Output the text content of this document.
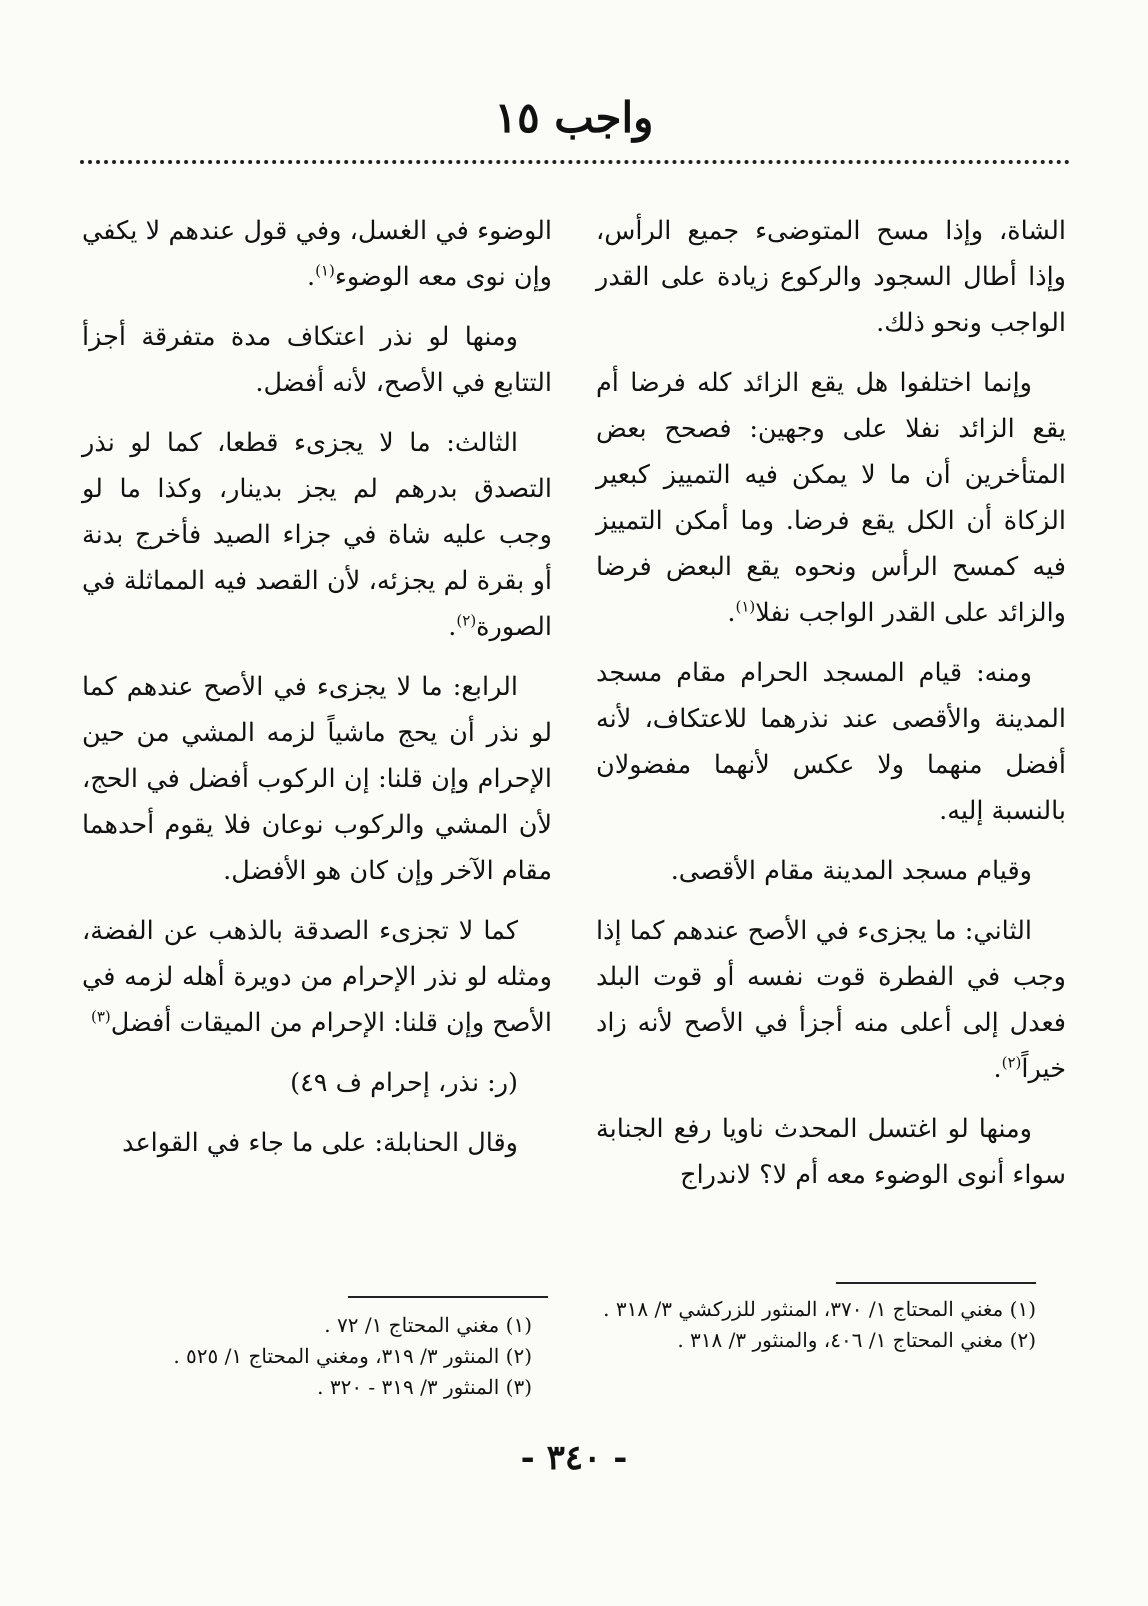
واجب ١٥

الشاة، وإذا مسح المتوضىء جميع الرأس، وإذا أطال السجود والركوع زيادة على القدر الواجب ونحو ذلك.

وإنما اختلفوا هل يقع الزائد كله فرضا أم يقع الزائد نفلا على وجهين: فصحح بعض المتأخرين أن ما لا يمكن فيه التمييز كبعير الزكاة أن الكل يقع فرضا. وما أمكن التمييز فيه كمسح الرأس ونحوه يقع البعض فرضا والزائد على القدر الواجب نفلا$^{(١)}$.

ومنه: قيام المسجد الحرام مقام مسجد المدينة والأقصى عند نذرهما للاعتكاف، لأنه أفضل منهما ولا عكس لأنهما مفضولان بالنسبة إليه.

وقيام مسجد المدينة مقام الأقصى.

الثاني: ما يجزىء في الأصح عندهم كما إذا وجب في الفطرة قوت نفسه أو قوت البلد فعدل إلى أعلى منه أجزأ في الأصح لأنه زاد خيراً$^{(٢)}$.

ومنها لو اغتسل المحدث ناويا رفع الجنابة سواء أنوى الوضوء معه أم لا؟ لاندراج

الوضوء في الغسل، وفي قول عندهم لا يكفي وإن نوى معه الوضوء$^{(١)}$.

ومنها لو نذر اعتكاف مدة متفرقة أجزأ التتابع في الأصح، لأنه أفضل.

الثالث: ما لا يجزىء قطعا، كما لو نذر التصدق بدرهم لم يجز بدينار، وكذا ما لو وجب عليه شاة في جزاء الصيد فأخرج بدنة أو بقرة لم يجزئه، لأن القصد فيه المماثلة في الصورة$^{(٢)}$.

الرابع: ما لا يجزىء في الأصح عندهم كما لو نذر أن يحج ماشياً لزمه المشي من حين الإحرام وإن قلنا: إن الركوب أفضل في الحج، لأن المشي والركوب نوعان فلا يقوم أحدهما مقام الآخر وإن كان هو الأفضل.

كما لا تجزىء الصدقة بالذهب عن الفضة، ومثله لو نذر الإحرام من دويرة أهله لزمه في الأصح وإن قلنا: الإحرام من الميقات أفضل$^{(٣)}$

(ر: نذر، إحرام ف ٤٩)

وقال الحنابلة: على ما جاء في القواعد

(١) مغني المحتاج ١/ ٣٧٠، المنثور للزركشي ٣/ ٣١٨ .
(٢) مغني المحتاج ١/ ٤٠٦، والمنثور ٣/ ٣١٨ .
(١) مغني المحتاج ١/ ٧٢ .
(٢) المنثور ٣/ ٣١٩، ومغني المحتاج ١/ ٥٢٥ .
(٣) المنثور ٣/ ٣١٩ - ٣٢٠ .
- ٣٤٠ -
